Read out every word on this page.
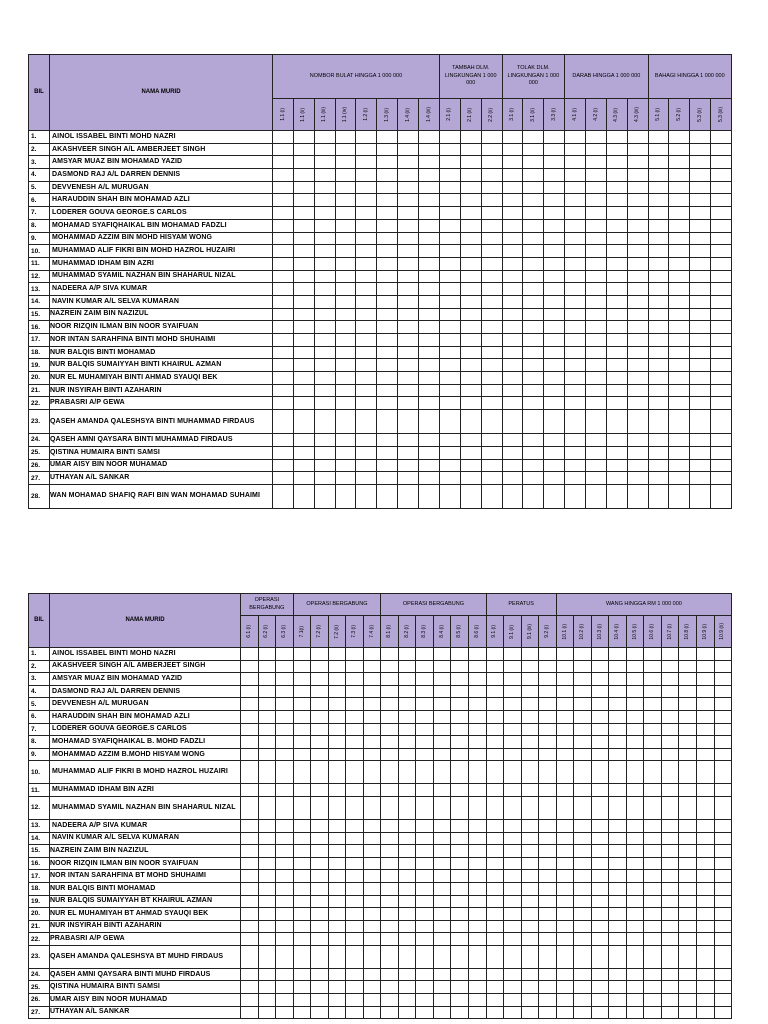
BIL	NAMA MURID	NOMBOR BULAT HINGGA 1 000 000								TAMBAH DLM. LINGKUNGAN 1 000 000			TOLAK DLM. LINGKUNGAN 1 000 000			DARAB HINGGA 1 000 000				BAHAGI HINGGA 1 000 000			

		1.1 (i)	1.1 (ii)	1.1 (iii)	1.1 (iv)	1.2 (i)	1.3 (ii)	1.4 (ii)	1.4 (iii)	2.1 (i)	2.1 (ii)	2.2 (ii)	3.1 (i)	3.1 (ii)	3.3 (i)	4.1 (i)	4.2 (i)	4.3 (ii)	4.3 (iii)	5.1 (i)	5.2 (i)	5.3 (ii)	5.3 (iii)

1.	AINOL ISSABEL BINTI MOHD NAZRI																						
2.	AKASHVEER SINGH A/L AMBERJEET SINGH																						
3.	AMSYAR MUAZ BIN MOHAMAD YAZID																						
4.	DASMOND RAJ A/L DARREN DENNIS																						
5.	DEVVENESH A/L MURUGAN																						
6.	HARAUDDIN SHAH BIN MOHAMAD AZLI																						
7.	LODERER GOUVA GEORGE.S CARLOS																						
8.	MOHAMAD SYAFIQHAIKAL BIN MOHAMAD FADZLI																						
9.	MOHAMMAD AZZIM BIN MOHD HISYAM WONG																						
10.	MUHAMMAD ALIF FIKRI BIN MOHD HAZROL HUZAIRI																						
11.	MUHAMMAD IDHAM BIN AZRI																						
12.	MUHAMMAD SYAMIL NAZHAN BIN SHAHARUL NIZAL																						
13.	NADEERA A/P SIVA KUMAR																						
14.	NAVIN KUMAR A/L SELVA KUMARAN																						
15.	NAZREIN ZAIM BIN NAZIZUL																						
16.	NOOR RIZQIN ILMAN BIN NOOR SYAIFUAN																						
17.	NOR INTAN SARAHFINA BINTI MOHD SHUHAIMI																						
18.	NUR BALQIS BINTI MOHAMAD																						
19.	NUR BALQIS SUMAIYYAH BINTI KHAIRUL AZMAN																						
20.	NUR EL MUHAMIYAH BINTI AHMAD SYAUQI BEK																						
21.	NUR INSYIRAH BINTI AZAHARIN																						
22.	PRABASRI A/P GEWA																						
23.	QASEH AMANDA QALESHSYA BINTI MUHAMMAD FIRDAUS																						
24.	QASEH AMNI QAYSARA BINTI MUHAMMAD FIRDAUS																						
25.	QISTINA HUMAIRA BINTI SAMSI																						
26.	UMAR AISY BIN NOOR MUHAMAD																						
27.	UTHAYAN A/L SANKAR																						
28.	WAN MOHAMAD SHAFIQ RAFI BIN WAN MOHAMAD SUHAIMI																						
BIL	NAMA MURID	OPERASI BERGABUNG			OPERASI BERGABUNG					OPERASI BERGABUNG						PERATUS				WANG HINGGA RM 1 000 000									

		6.1 (i)	6.2 (i)	6.3 (i)	7.1(i)	7.2 (i)	7.2 (ii)	7.3 (i)	7.4 (i)	8.1 (i)	8.2 (i)	8.3 (i)	8.4 (i)	8.5 (i)	8.6 (i)	9.1 (i)	9.1 (ii)	9.1 (iii)	9.2 (i)	10.1 (i)	10.2 (i)	10.3 (i)	10.4 (i)	10.5 (i)	10.6 (i)	10.7 (i)	10.8 (i)	10.9 (i)	10.9 (ii)

1.	AINOL ISSABEL BINTI MOHD NAZRI																												
2.	AKASHVEER SINGH A/L AMBERJEET SINGH																												
3.	AMSYAR MUAZ BIN MOHAMAD YAZID																												
4.	DASMOND RAJ A/L DARREN DENNIS																												
5.	DEVVENESH A/L MURUGAN																												
6.	HARAUDDIN SHAH BIN MOHAMAD AZLI																												
7.	LODERER GOUVA GEORGE.S CARLOS																												
8.	MOHAMAD SYAFIQHAIKAL B. MOHD FADZLI																												
9.	MOHAMMAD AZZIM B.MOHD HISYAM WONG																												
10.	MUHAMMAD ALIF FIKRI B MOHD HAZROL HUZAIRI																												
11.	MUHAMMAD IDHAM BIN AZRI																												
12.	MUHAMMAD SYAMIL NAZHAN BIN SHAHARUL NIZAL																												
13.	NADEERA A/P SIVA KUMAR																												
14.	NAVIN KUMAR A/L SELVA KUMARAN																												
15.	NAZREIN ZAIM BIN NAZIZUL																												
16.	NOOR RIZQIN ILMAN BIN NOOR SYAIFUAN																												
17.	NOR INTAN SARAHFINA BT MOHD SHUHAIMI																												
18.	NUR BALQIS BINTI MOHAMAD																												
19.	NUR BALQIS SUMAIYYAH BT KHAIRUL AZMAN																												
20.	NUR EL MUHAMIYAH BT AHMAD SYAUQI BEK																												
21.	NUR INSYIRAH BINTI AZAHARIN																												
22.	PRABASRI A/P GEWA																												
23.	QASEH AMANDA QALESHSYA BT MUHD FIRDAUS																												
24.	QASEH AMNI QAYSARA BINTI MUHD FIRDAUS																												
25.	QISTINA HUMAIRA BINTI SAMSI																												
26.	UMAR AISY BIN NOOR MUHAMAD																												
27.	UTHAYAN A/L SANKAR																												
